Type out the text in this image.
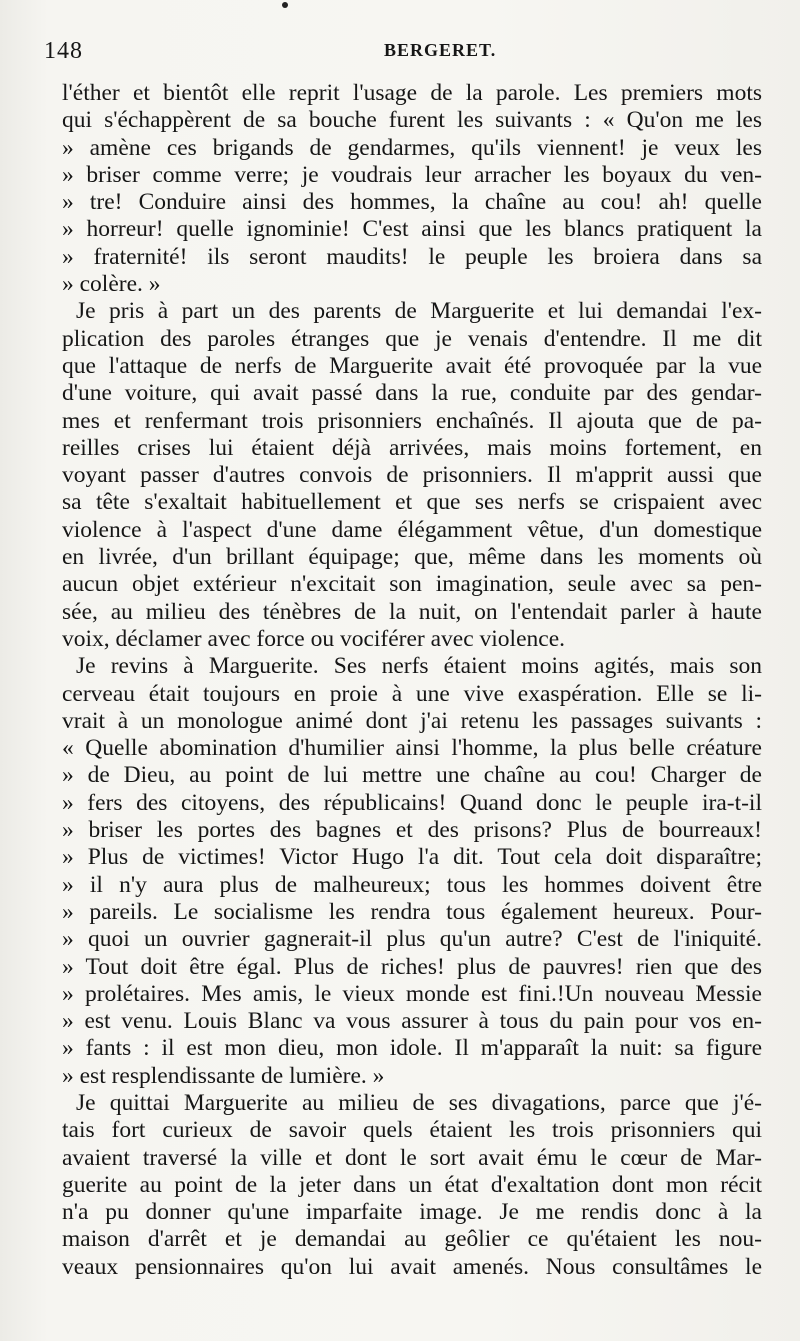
148	BERGERET.
l'éther et bientôt elle reprit l'usage de la parole. Les premiers mots
qui s'échappèrent de sa bouche furent les suivants : « Qu'on me les
» amène ces brigands de gendarmes, qu'ils viennent! je veux les
» briser comme verre; je voudrais leur arracher les boyaux du ven-
» tre! Conduire ainsi des hommes, la chaîne au cou! ah! quelle
» horreur! quelle ignominie! C'est ainsi que les blancs pratiquent la
» fraternité! ils seront maudits! le peuple les broiera dans sa
» colère. »
Je pris à part un des parents de Marguerite et lui demandai l'ex-
plication des paroles étranges que je venais d'entendre. Il me dit
que l'attaque de nerfs de Marguerite avait été provoquée par la vue
d'une voiture, qui avait passé dans la rue, conduite par des gendar-
mes et renfermant trois prisonniers enchaînés. Il ajouta que de pa-
reilles crises lui étaient déjà arrivées, mais moins fortement, en
voyant passer d'autres convois de prisonniers. Il m'apprit aussi que
sa tête s'exaltait habituellement et que ses nerfs se crispaient avec
violence à l'aspect d'une dame élégamment vêtue, d'un domestique
en livrée, d'un brillant équipage; que, même dans les moments où
aucun objet extérieur n'excitait son imagination, seule avec sa pen-
sée, au milieu des ténèbres de la nuit, on l'entendait parler à haute
voix, déclamer avec force ou vociférer avec violence.
Je revins à Marguerite. Ses nerfs étaient moins agités, mais son
cerveau était toujours en proie à une vive exaspération. Elle se li-
vrait à un monologue animé dont j'ai retenu les passages suivants :
« Quelle abomination d'humilier ainsi l'homme, la plus belle créature
» de Dieu, au point de lui mettre une chaîne au cou! Charger de
» fers des citoyens, des républicains! Quand donc le peuple ira-t-il
» briser les portes des bagnes et des prisons? Plus de bourreaux!
» Plus de victimes! Victor Hugo l'a dit. Tout cela doit disparaître;
» il n'y aura plus de malheureux; tous les hommes doivent être
» pareils. Le socialisme les rendra tous également heureux. Pour-
» quoi un ouvrier gagnerait-il plus qu'un autre? C'est de l'iniquité.
» Tout doit être égal. Plus de riches! plus de pauvres! rien que des
» prolétaires. Mes amis, le vieux monde est fini.!Un nouveau Messie
» est venu. Louis Blanc va vous assurer à tous du pain pour vos en-
» fants : il est mon dieu, mon idole. Il m'apparaît la nuit: sa figure
» est resplendissante de lumière. »
Je quittai Marguerite au milieu de ses divagations, parce que j'é-
tais fort curieux de savoir quels étaient les trois prisonniers qui
avaient traversé la ville et dont le sort avait ému le cœur de Mar-
guerite au point de la jeter dans un état d'exaltation dont mon récit
n'a pu donner qu'une imparfaite image. Je me rendis donc à la
maison d'arrêt et je demandai au geôlier ce qu'étaient les nou-
veaux pensionnaires qu'on lui avait amenés. Nous consultâmes le
